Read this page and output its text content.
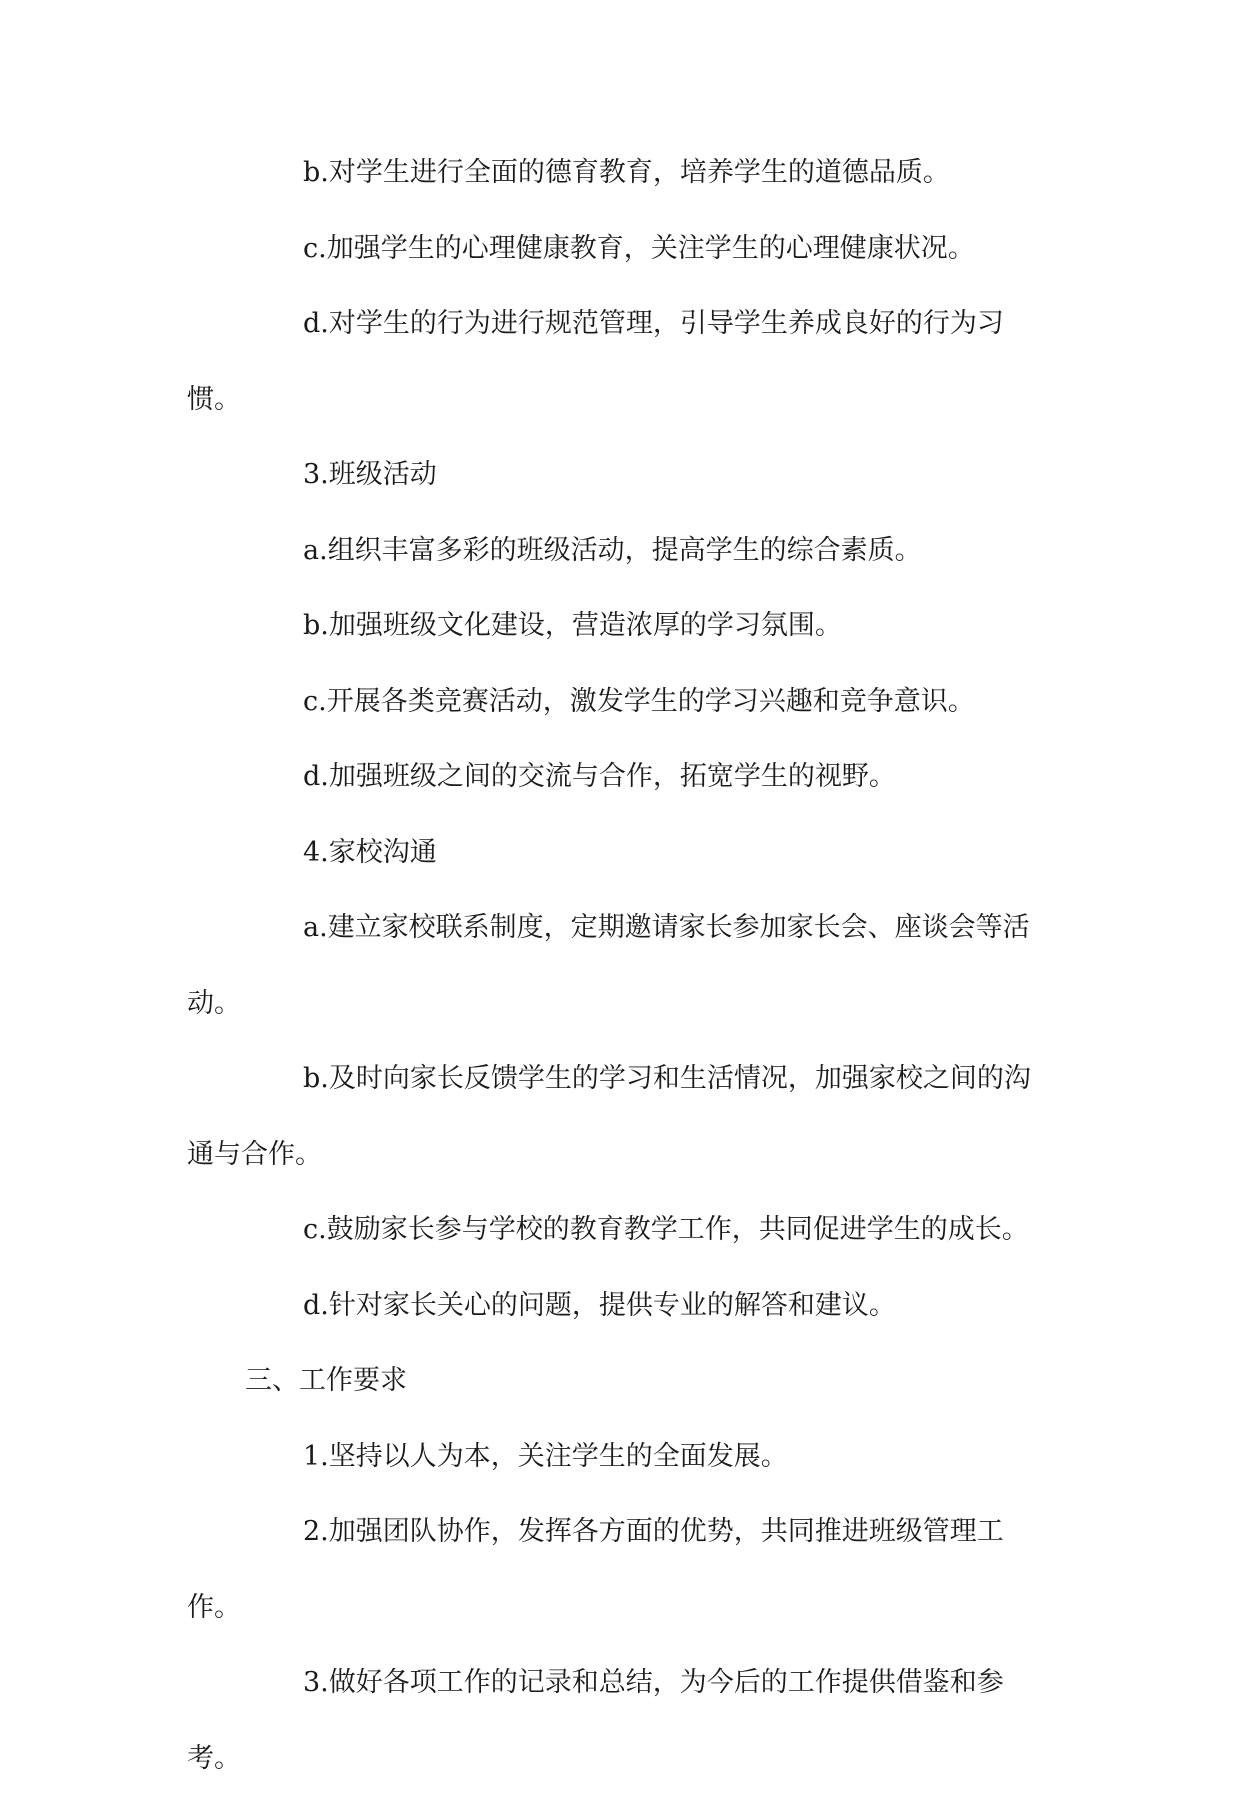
b.对学生进行全面的德育教育，培养学生的道德品质。

c.加强学生的心理健康教育，关注学生的心理健康状况。

d.对学生的行为进行规范管理，引导学生养成良好的行为习惯。

3.班级活动

a.组织丰富多彩的班级活动，提高学生的综合素质。

b.加强班级文化建设，营造浓厚的学习氛围。

c.开展各类竞赛活动，激发学生的学习兴趣和竞争意识。

d.加强班级之间的交流与合作，拓宽学生的视野。

4.家校沟通

a.建立家校联系制度，定期邀请家长参加家长会、座谈会等活动。

b.及时向家长反馈学生的学习和生活情况，加强家校之间的沟通与合作。

c.鼓励家长参与学校的教育教学工作，共同促进学生的成长。

d.针对家长关心的问题，提供专业的解答和建议。

三、工作要求

1.坚持以人为本，关注学生的全面发展。

2.加强团队协作，发挥各方面的优势，共同推进班级管理工作。

3.做好各项工作的记录和总结，为今后的工作提供借鉴和参考。
